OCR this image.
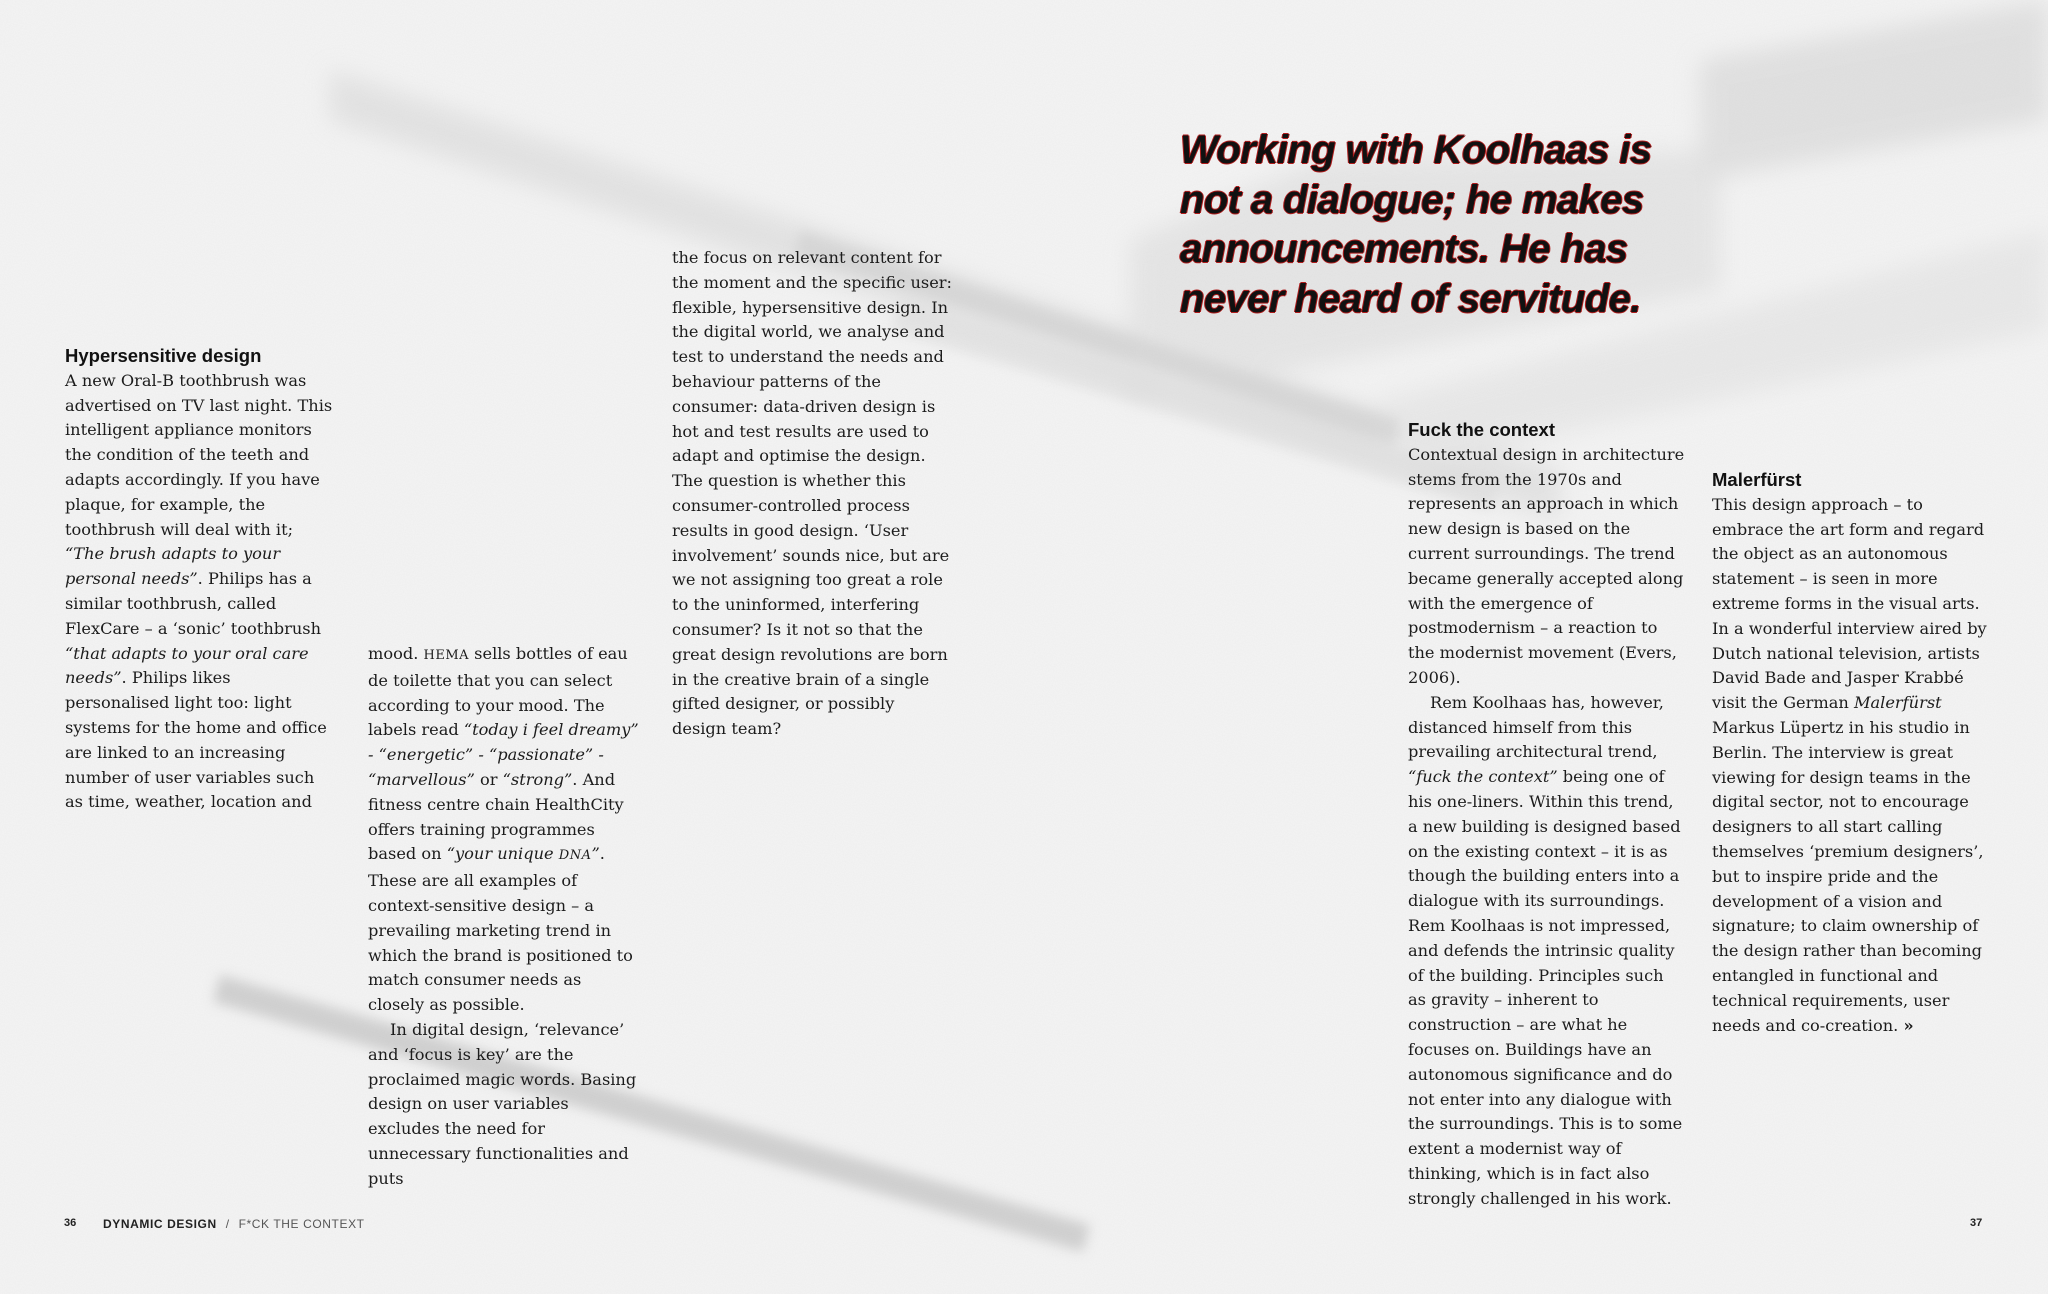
Working with Koolhaas is not a dialogue; he makes announcements. He has never heard of servitude.
Hypersensitive design

A new Oral-B toothbrush was advertised on TV last night. This intelligent appliance monitors the condition of the teeth and adapts accordingly. If you have plaque, for example, the toothbrush will deal with it; “The brush adapts to your personal needs”. Philips has a similar toothbrush, called FlexCare – a ‘sonic’ toothbrush “that adapts to your oral care needs”. Philips likes personalised light too: light systems for the home and office are linked to an increasing number of user variables such as time, weather, location and

mood. HEMA sells bottles of eau de toilette that you can select according to your mood. The labels read “today i feel dreamy” - “energetic” - “passionate” - “marvellous” or “strong”. And fitness centre chain HealthCity offers training programmes based on “your unique DNA”. These are all examples of context-sensitive design – a prevailing marketing trend in which the brand is positioned to match consumer needs as closely as possible.

In digital design, ‘relevance’ and ‘focus is key’ are the proclaimed magic words. Basing design on user variables excludes the need for unnecessary functionalities and puts

the focus on relevant content for the moment and the specific user: flexible, hypersensitive design. In the digital world, we analyse and test to understand the needs and behaviour patterns of the consumer: data-driven design is hot and test results are used to adapt and optimise the design. The question is whether this consumer-controlled process results in good design. ‘User involvement’ sounds nice, but are we not assigning too great a role to the uninformed, interfering consumer? Is it not so that the great design revolutions are born in the creative brain of a single gifted designer, or possibly design team?

Fuck the context

Contextual design in architecture stems from the 1970s and represents an approach in which new design is based on the current surroundings. The trend became generally accepted along with the emergence of postmodernism – a reaction to the modernist movement (Evers, 2006).

Rem Koolhaas has, however, distanced himself from this prevailing architectural trend, “fuck the context” being one of his one-liners. Within this trend, a new building is designed based on the existing context – it is as though the building enters into a dialogue with its surroundings. Rem Koolhaas is not impressed, and defends the intrinsic quality of the building. Principles such as gravity – inherent to construction – are what he focuses on. Buildings have an autonomous significance and do not enter into any dialogue with the surroundings. This is to some extent a modernist way of thinking, which is in fact also strongly challenged in his work.

Malerfürst

This design approach – to embrace the art form and regard the object as an autonomous statement – is seen in more extreme forms in the visual arts. In a wonderful interview aired by Dutch national television, artists David Bade and Jasper Krabbé visit the German Malerfürst Markus Lüpertz in his studio in Berlin. The interview is great viewing for design teams in the digital sector, not to encourage designers to all start calling themselves ‘premium designers’, but to inspire pride and the development of a vision and signature; to claim ownership of the design rather than becoming entangled in functional and technical requirements, user needs and co-creation. »

36 DYNAMIC DESIGN / F*CK THE CONTEXT	37
